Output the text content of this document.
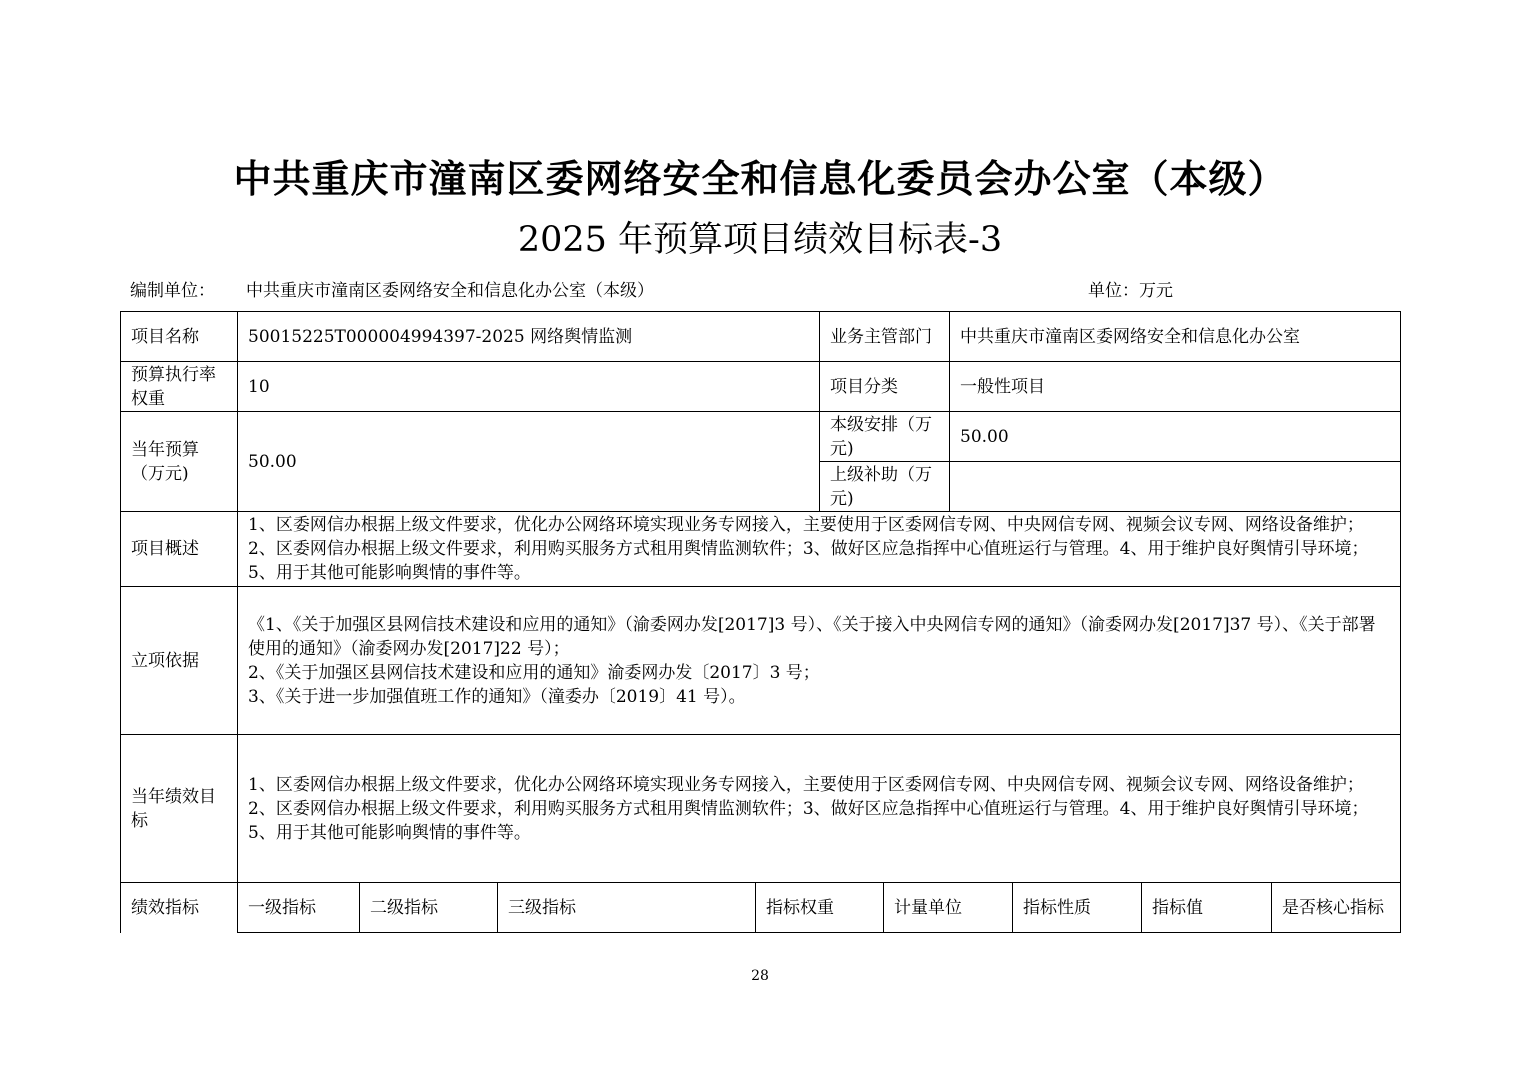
中共重庆市潼南区委网络安全和信息化委员会办公室（本级）
2025 年预算项目绩效目标表-3
编制单位： 中共重庆市潼南区委网络安全和信息化办公室（本级）	单位：万元
项目名称	50015225T000004994397-2025 网络舆情监测	业务主管部门	中共重庆市潼南区委网络安全和信息化办公室
预算执行率权重	10	项目分类	一般性项目
当年预算（万元)	50.00	本级安排（万元)	50.00
		上级补助（万元)	
项目概述	1、区委网信办根据上级文件要求，优化办公网络环境实现业务专网接入，主要使用于区委网信专网、中央网信专网、视频会议专网、网络设备维护；2、区委网信办根据上级文件要求，利用购买服务方式租用舆情监测软件；3、做好区应急指挥中心值班运行与管理。4、用于维护良好舆情引导环境；5、用于其他可能影响舆情的事件等。		
立项依据	《1、《关于加强区县网信技术建设和应用的通知》（渝委网办发[2017]3 号）、《关于接入中央网信专网的通知》（渝委网办发[2017]37 号）、《关于部署使用的通知》（渝委网办发[2017]22 号）；
2、《关于加强区县网信技术建设和应用的通知》渝委网办发〔2017〕3 号；
3、《关于进一步加强值班工作的通知》（潼委办〔2019〕41 号）。		

当年绩效目标	1、区委网信办根据上级文件要求，优化办公网络环境实现业务专网接入，主要使用于区委网信专网、中央网信专网、视频会议专网、网络设备维护；2、区委网信办根据上级文件要求，利用购买服务方式租用舆情监测软件；3、做好区应急指挥中心值班运行与管理。4、用于维护良好舆情引导环境；5、用于其他可能影响舆情的事件等。		
绩效指标	一级指标	二级指标	三级指标	指标权重	计量单位	指标性质	指标值	是否核心指标
28
